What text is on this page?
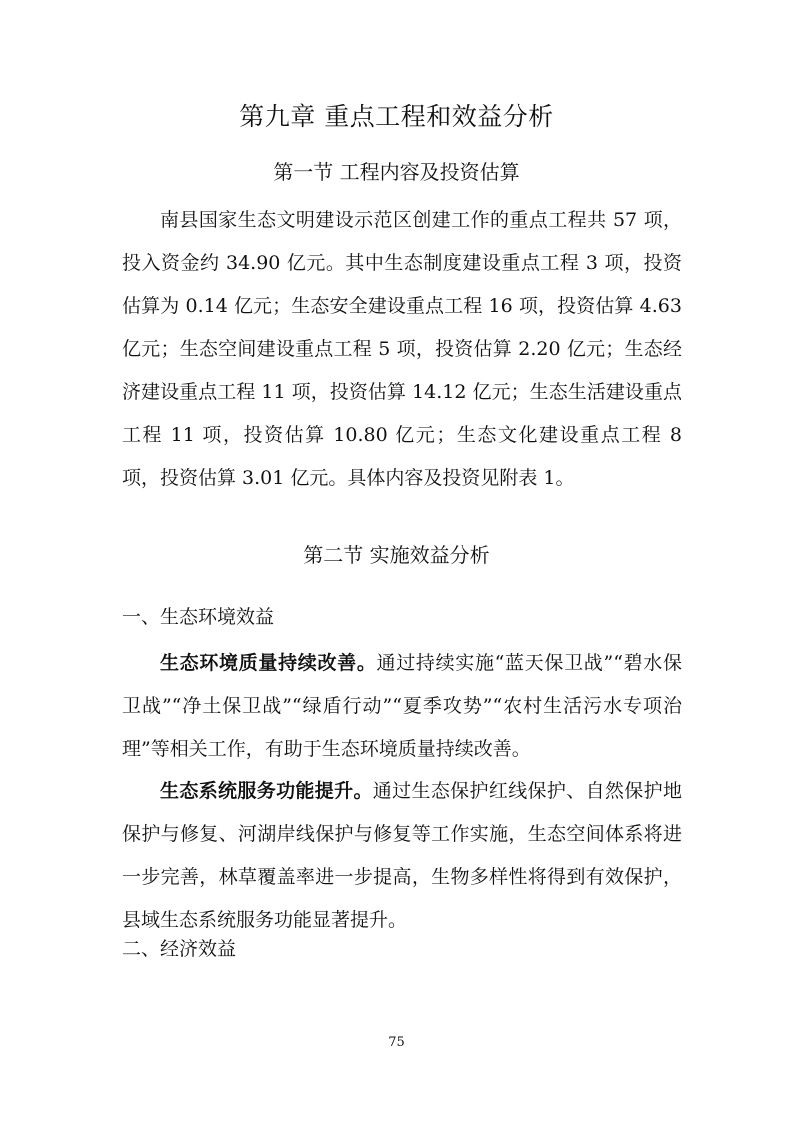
第九章 重点工程和效益分析
第一节 工程内容及投资估算

南县国家生态文明建设示范区创建工作的重点工程共 57 项，投入资金约 34.90 亿元。其中生态制度建设重点工程 3 项，投资估算为 0.14 亿元；生态安全建设重点工程 16 项，投资估算 4.63 亿元；生态空间建设重点工程 5 项，投资估算 2.20 亿元；生态经济建设重点工程 11 项，投资估算 14.12 亿元；生态生活建设重点工程 11 项，投资估算 10.80 亿元；生态文化建设重点工程 8 项，投资估算 3.01 亿元。具体内容及投资见附表 1。

第二节 实施效益分析
一、生态环境效益

生态环境质量持续改善。通过持续实施“蓝天保卫战”“碧水保卫战”“净土保卫战”“绿盾行动”“夏季攻势”“农村生活污水专项治理”等相关工作，有助于生态环境质量持续改善。

生态系统服务功能提升。通过生态保护红线保护、自然保护地保护与修复、河湖岸线保护与修复等工作实施，生态空间体系将进一步完善，林草覆盖率进一步提高，生物多样性将得到有效保护，县域生态系统服务功能显著提升。

二、经济效益
75
